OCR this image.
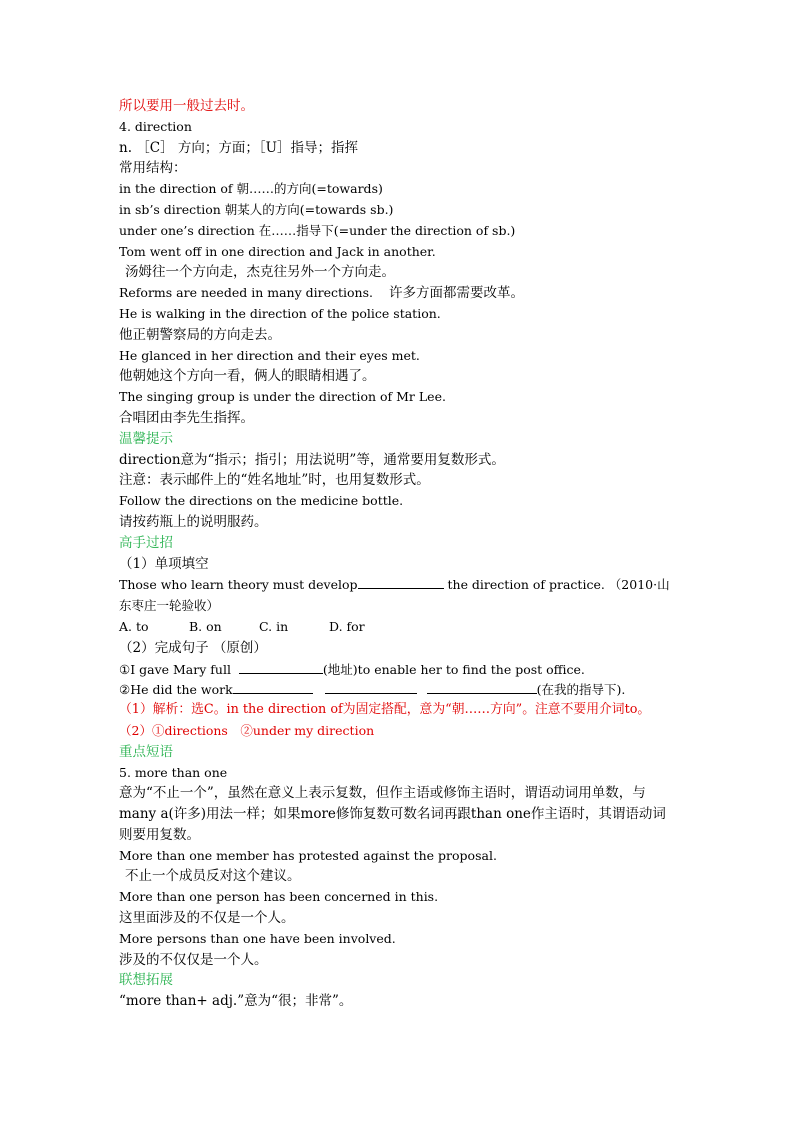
所以要用一般过去时。
4. direction
n. ［C］ 方向；方面；［U］指导；指挥
常用结构：
in the direction of 朝……的方向(=towards)
in sb’s direction 朝某人的方向(=towards sb.)
under one’s direction 在……指导下(=under the direction of sb.)
Tom went off in one direction and Jack in another.
汤姆往一个方向走，杰克往另外一个方向走。
Reforms are needed in many directions. 许多方面都需要改革。
He is walking in the direction of the police station.
他正朝警察局的方向走去。
He glanced in her direction and their eyes met.
他朝她这个方向一看，俩人的眼睛相遇了。
The singing group is under the direction of Mr Lee.
合唱团由李先生指挥。
温馨提示
direction意为“指示；指引；用法说明”等，通常要用复数形式。
注意：表示邮件上的“姓名地址”时，也用复数形式。
Follow the directions on the medicine bottle.
请按药瓶上的说明服药。
高手过招
（1）单项填空
Those who learn theory must develop	the direction of practice. （2010·山东枣庄一轮验收）
A. to	B. on	C. in	D. for
（2）完成句子 （原创）
①I gave Mary full	(地址)to enable her to find the post office.
②He did the work	(在我的指导下).
（1）解析：选C。in the direction of为固定搭配，意为“朝……方向”。注意不要用介词to。
（2）①directions　②under my direction
重点短语
5. more than one
意为“不止一个”，虽然在意义上表示复数，但作主语或修饰主语时，谓语动词用单数，与many a(许多)用法一样；如果more修饰复数可数名词再跟than one作主语时，其谓语动词则要用复数。
More than one member has protested against the proposal.
不止一个成员反对这个建议。
More than one person has been concerned in this.
这里面涉及的不仅是一个人。
More persons than one have been involved.
涉及的不仅仅是一个人。
联想拓展
“more than+ adj.”意为“很；非常”。
